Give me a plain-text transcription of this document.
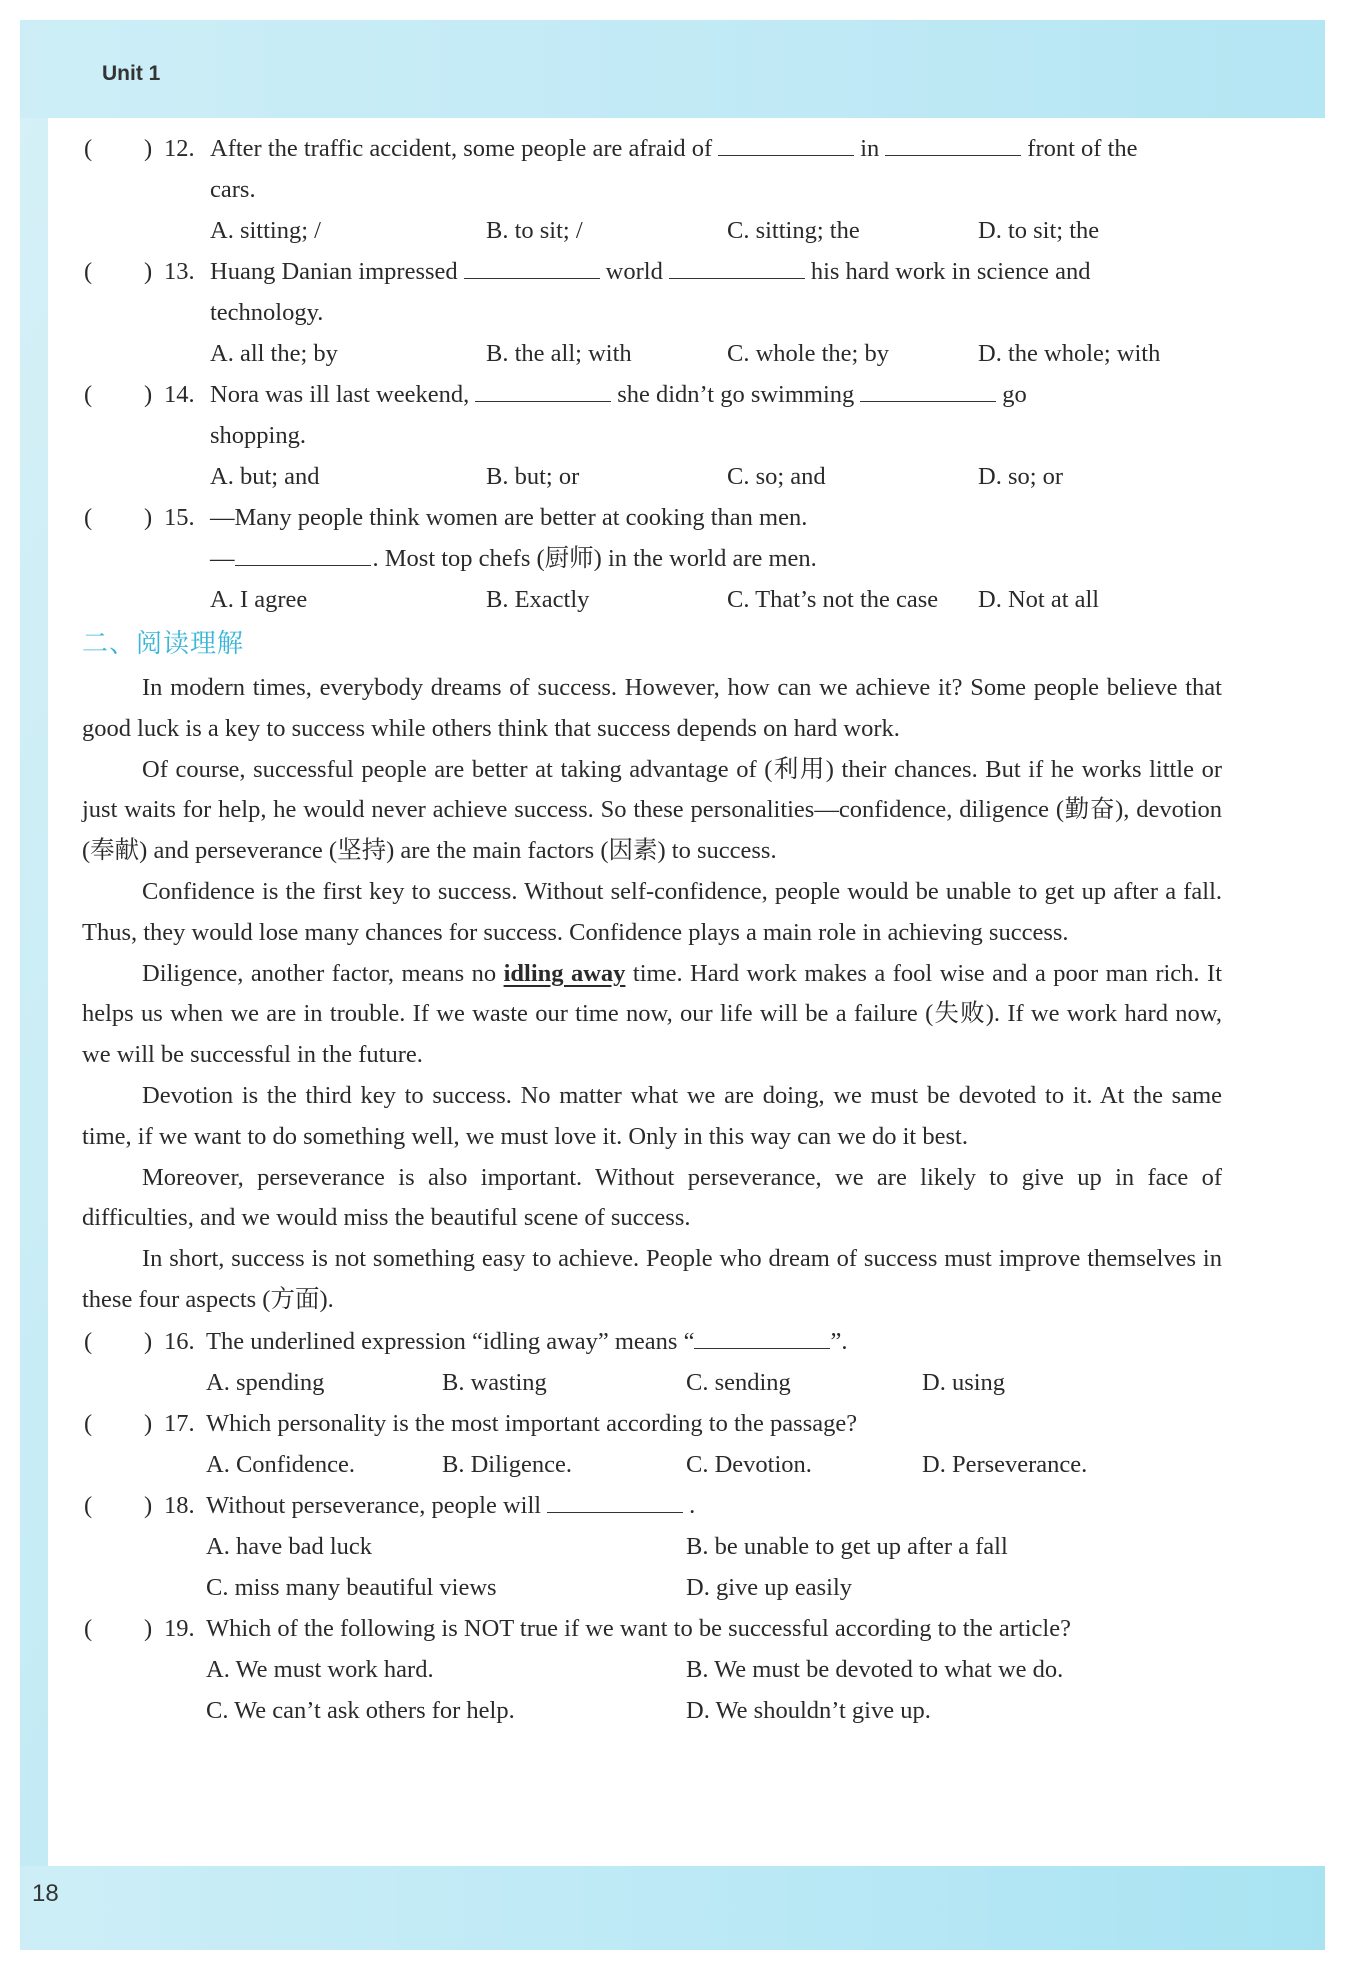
Unit 1
18
( ) 12. After the traffic accident, some people are afraid of	in	front of the
cars.
A. sitting; /	B. to sit; /	C. sitting; the	D. to sit; the
( ) 13. Huang Danian impressed	world	his hard work in science and
technology.
A. all the; by	B. the all; with	C. whole the; by	D. the whole; with
( ) 14. Nora was ill last weekend,	she didn’t go swimming	go
shopping.
A. but; and	B. but; or	C. so; and	D. so; or
( ) 15. —Many people think women are better at cooking than men.
—	. Most top chefs (厨师) in the world are men.
A. I agree	B. Exactly	C. That’s not the case	D. Not at all
二、阅读理解

In modern times, everybody dreams of success. However, how can we achieve it? Some people believe that good luck is a key to success while others think that success depends on hard work.

Of course, successful people are better at taking advantage of (利用) their chances. But if he works little or just waits for help, he would never achieve success. So these personalities—confidence, diligence (勤奋), devotion (奉献) and perseverance (坚持) are the main factors (因素) to success.

Confidence is the first key to success. Without self-confidence, people would be unable to get up after a fall. Thus, they would lose many chances for success. Confidence plays a main role in achieving success.

Diligence, another factor, means no idling away time. Hard work makes a fool wise and a poor man rich. It helps us when we are in trouble. If we waste our time now, our life will be a failure (失败). If we work hard now, we will be successful in the future.

Devotion is the third key to success. No matter what we are doing, we must be devoted to it. At the same time, if we want to do something well, we must love it. Only in this way can we do it best.

Moreover, perseverance is also important. Without perseverance, we are likely to give up in face of difficulties, and we would miss the beautiful scene of success.

In short, success is not something easy to achieve. People who dream of success must improve themselves in these four aspects (方面).

( ) 16. The underlined expression “idling away” means “	”.
A. spending	B. wasting	C. sending	D. using
( ) 17. Which personality is the most important according to the passage?
A. Confidence.	B. Diligence.	C. Devotion.	D. Perseverance.
( ) 18. Without perseverance, people will	.
A. have bad luck	B. be unable to get up after a fall
C. miss many beautiful views	D. give up easily
( ) 19. Which of the following is NOT true if we want to be successful according to the article?
A. We must work hard.	B. We must be devoted to what we do.
C. We can’t ask others for help.	D. We shouldn’t give up.
